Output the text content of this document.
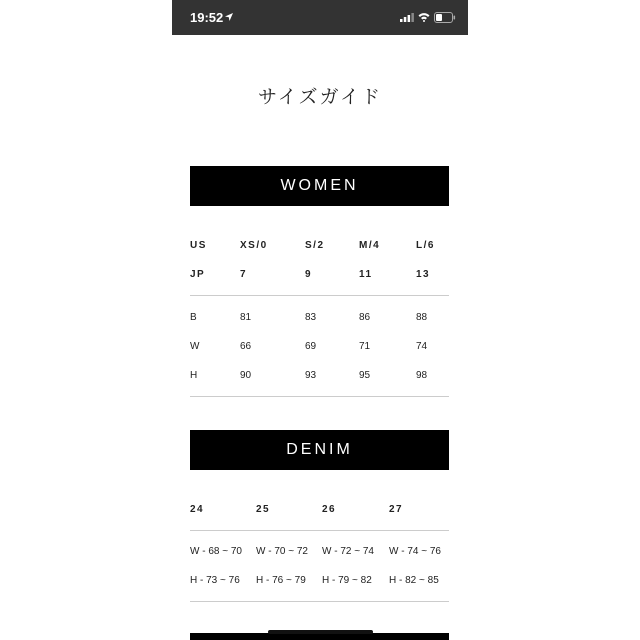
19:52
サイズガイド
WOMEN
US	XS/0	S/2	M/4	L/6
JP	7	9	11	13
B	81	83	86	88
W	66	69	71	74
H	90	93	95	98
DENIM
24	25	26	27
W - 68 ~ 70 W - 70 ~ 72 W - 72 ~ 74 W - 74 ~ 76
H - 73 ~ 76 H - 76 ~ 79 H - 79 ~ 82 H - 82 ~ 85
